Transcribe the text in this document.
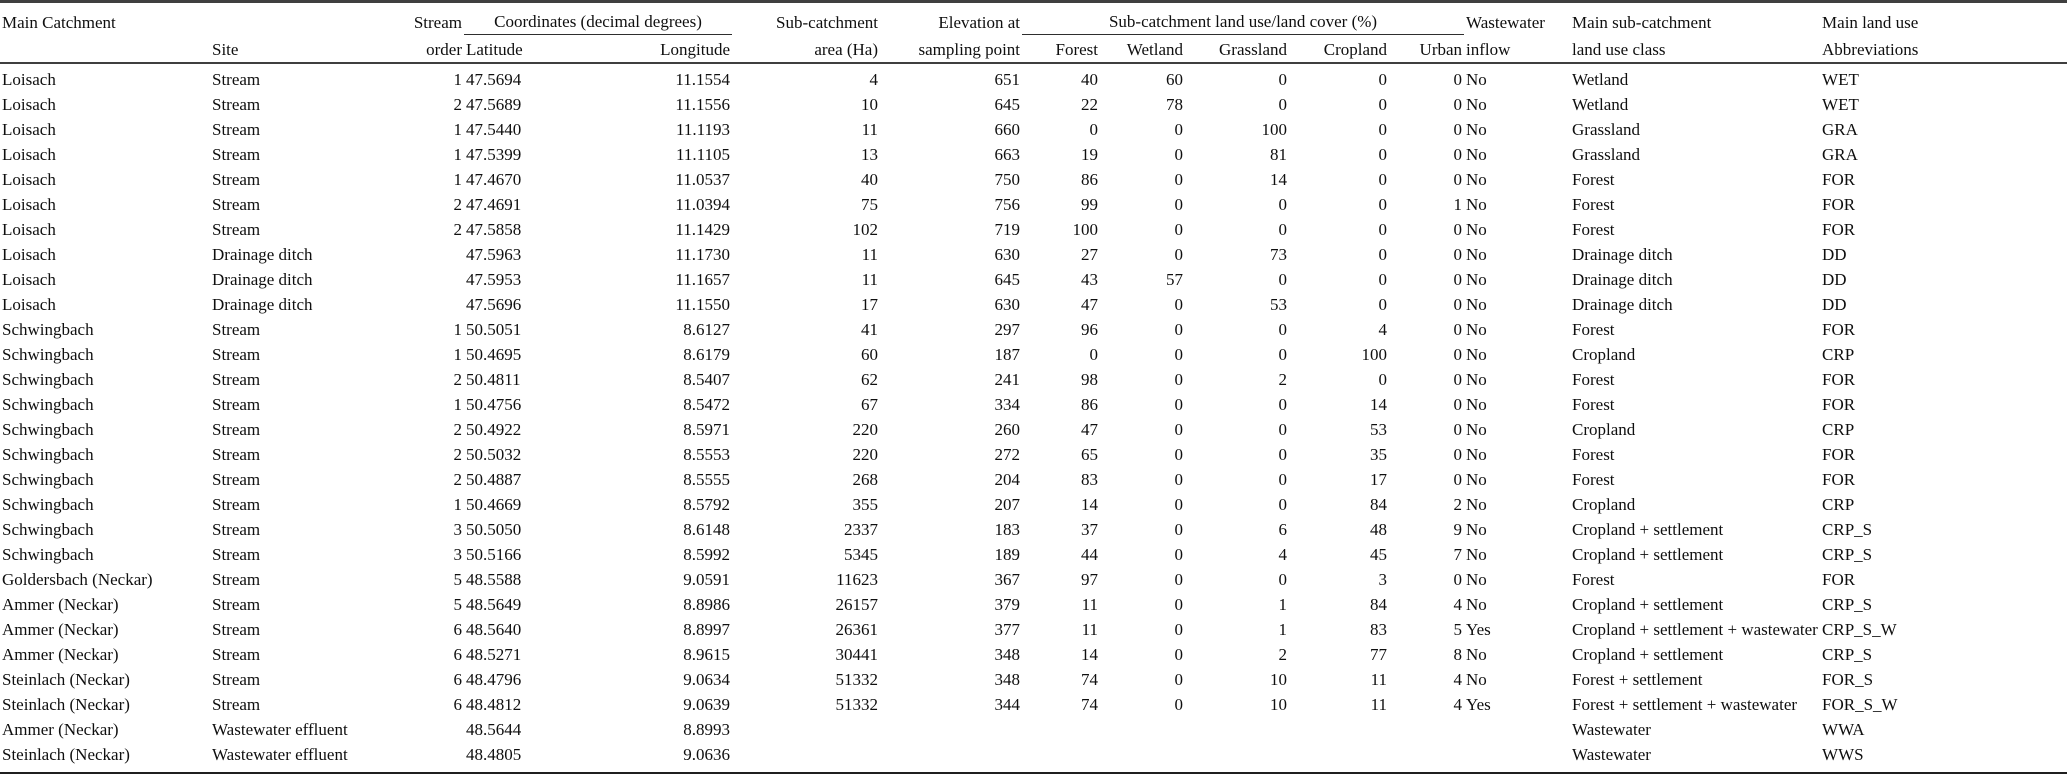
Main Catchment		Stream	Coordinates (decimal degrees)		Sub-catchment	Elevation at	Sub-catchment land use/land cover (%)					Wastewater	Main sub-catchment	Main land use
	Site	order	Latitude	Longitude	area (Ha)	sampling point	Forest	Wetland	Grassland	Cropland	Urban	inflow	land use class	Abbreviations
Loisach	Stream	1	47.5694	11.1554	4	651	40	60	0	0	0	No	Wetland	WET
Loisach	Stream	2	47.5689	11.1556	10	645	22	78	0	0	0	No	Wetland	WET
Loisach	Stream	1	47.5440	11.1193	11	660	0	0	100	0	0	No	Grassland	GRA
Loisach	Stream	1	47.5399	11.1105	13	663	19	0	81	0	0	No	Grassland	GRA
Loisach	Stream	1	47.4670	11.0537	40	750	86	0	14	0	0	No	Forest	FOR
Loisach	Stream	2	47.4691	11.0394	75	756	99	0	0	0	1	No	Forest	FOR
Loisach	Stream	2	47.5858	11.1429	102	719	100	0	0	0	0	No	Forest	FOR
Loisach	Drainage ditch		47.5963	11.1730	11	630	27	0	73	0	0	No	Drainage ditch	DD
Loisach	Drainage ditch		47.5953	11.1657	11	645	43	57	0	0	0	No	Drainage ditch	DD
Loisach	Drainage ditch		47.5696	11.1550	17	630	47	0	53	0	0	No	Drainage ditch	DD
Schwingbach	Stream	1	50.5051	8.6127	41	297	96	0	0	4	0	No	Forest	FOR
Schwingbach	Stream	1	50.4695	8.6179	60	187	0	0	0	100	0	No	Cropland	CRP
Schwingbach	Stream	2	50.4811	8.5407	62	241	98	0	2	0	0	No	Forest	FOR
Schwingbach	Stream	1	50.4756	8.5472	67	334	86	0	0	14	0	No	Forest	FOR
Schwingbach	Stream	2	50.4922	8.5971	220	260	47	0	0	53	0	No	Cropland	CRP
Schwingbach	Stream	2	50.5032	8.5553	220	272	65	0	0	35	0	No	Forest	FOR
Schwingbach	Stream	2	50.4887	8.5555	268	204	83	0	0	17	0	No	Forest	FOR
Schwingbach	Stream	1	50.4669	8.5792	355	207	14	0	0	84	2	No	Cropland	CRP
Schwingbach	Stream	3	50.5050	8.6148	2337	183	37	0	6	48	9	No	Cropland + settlement	CRP_S
Schwingbach	Stream	3	50.5166	8.5992	5345	189	44	0	4	45	7	No	Cropland + settlement	CRP_S
Goldersbach (Neckar)	Stream	5	48.5588	9.0591	11623	367	97	0	0	3	0	No	Forest	FOR
Ammer (Neckar)	Stream	5	48.5649	8.8986	26157	379	11	0	1	84	4	No	Cropland + settlement	CRP_S
Ammer (Neckar)	Stream	6	48.5640	8.8997	26361	377	11	0	1	83	5	Yes	Cropland + settlement + wastewater	CRP_S_W
Ammer (Neckar)	Stream	6	48.5271	8.9615	30441	348	14	0	2	77	8	No	Cropland + settlement	CRP_S
Steinlach (Neckar)	Stream	6	48.4796	9.0634	51332	348	74	0	10	11	4	No	Forest + settlement	FOR_S
Steinlach (Neckar)	Stream	6	48.4812	9.0639	51332	344	74	0	10	11	4	Yes	Forest + settlement + wastewater	FOR_S_W
Ammer (Neckar)	Wastewater effluent		48.5644	8.8993									Wastewater	WWA
Steinlach (Neckar)	Wastewater effluent		48.4805	9.0636									Wastewater	WWS
